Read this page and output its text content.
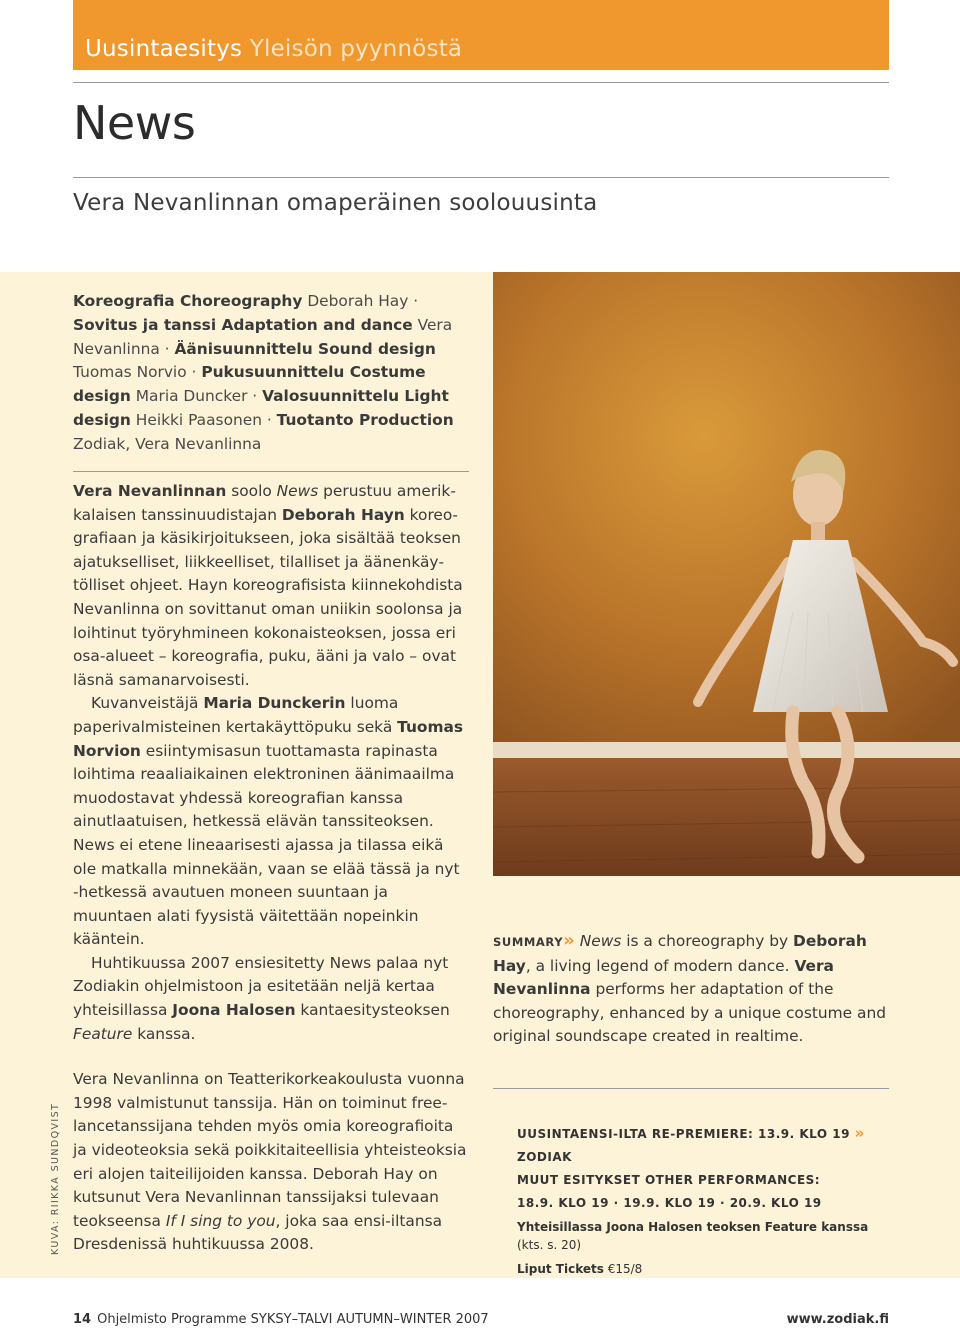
Uusintaesitys Yleisön pyynnöstä
News
Vera Nevanlinnan omaperäinen soolouusinta
Koreografia Choreography Deborah Hay · Sovitus ja tanssi Adaptation and dance Vera Nevanlinna · Äänisuunnittelu Sound design Tuomas Norvio · Pukusuunnittelu Costume design Maria Duncker · Valosuunnittelu Light design Heikki Paasonen · Tuotanto Production Zodiak, Vera Nevanlinna

Vera Nevanlinnan soolo News perustuu amerikkalaisen tanssinuudistajan Deborah Hayn koreografiaan ja käsikirjoitukseen, joka sisältää teoksen ajatukselliset, liikkeelliset, tilalliset ja äänenkäytölliset ohjeet. Hayn koreografisista kiinnekohdista Nevanlinna on sovittanut oman uniikin soolonsa ja loihtinut työryhmineen kokonaisteoksen, jossa eri osa-alueet – koreografia, puku, ääni ja valo – ovat läsnä samanarvoisesti.

Kuvanveistäjä Maria Dunckerin luoma paperivalmisteinen kertakäyttöpuku sekä Tuomas Norvion esiintymisasun tuottamasta rapinasta loihtima reaaliaikainen elektroninen äänimaailma muodostavat yhdessä koreografian kanssa ainutlaatuisen, hetkessä elävän tanssiteoksen. News ei etene lineaarisesti ajassa ja tilassa eikä ole matkalla minnekään, vaan se elää tässä ja nyt -hetkessä avautuen moneen suuntaan ja muuntaen alati fyysistä väitettään nopeinkin kääntein.

Huhtikuussa 2007 ensiesitetty News palaa nyt Zodiakin ohjelmistoon ja esitetään neljä kertaa yhteisillassa Joona Halosen kantaesitysteoksen Feature kanssa.

Vera Nevanlinna on Teatterikorkeakoulusta vuonna 1998 valmistunut tanssija. Hän on toiminut freelancetanssijana tehden myös omia koreografioita ja videoteoksia sekä poikkitaiteellisia yhteisteoksia eri alojen taiteilijoiden kanssa. Deborah Hay on kutsunut Vera Nevanlinnan tanssijaksi tulevaan teokseensa If I sing to you, joka saa ensi-iltansa Dresdenissä huhtikuussa 2008.

SUMMARY» News is a choreography by Deborah Hay, a living legend of modern dance. Vera Nevanlinna performs her adaptation of the choreography, enhanced by a unique costume and original soundscape created in realtime.
UUSINTAENSI-ILTA RE-PREMIERE: 13.9. KLO 19 » ZODIAK
MUUT ESITYKSET OTHER PERFORMANCES:
18.9. KLO 19 · 19.9. KLO 19 · 20.9. KLO 19
Yhteisillassa Joona Halosen teoksen Feature kanssa (kts. s. 20)
Liput Tickets €15/8
KUVA: RIIKKA SUNDQVIST
14 Ohjelmisto Programme SYKSY–TALVI AUTUMN–WINTER 2007	www.zodiak.fi
